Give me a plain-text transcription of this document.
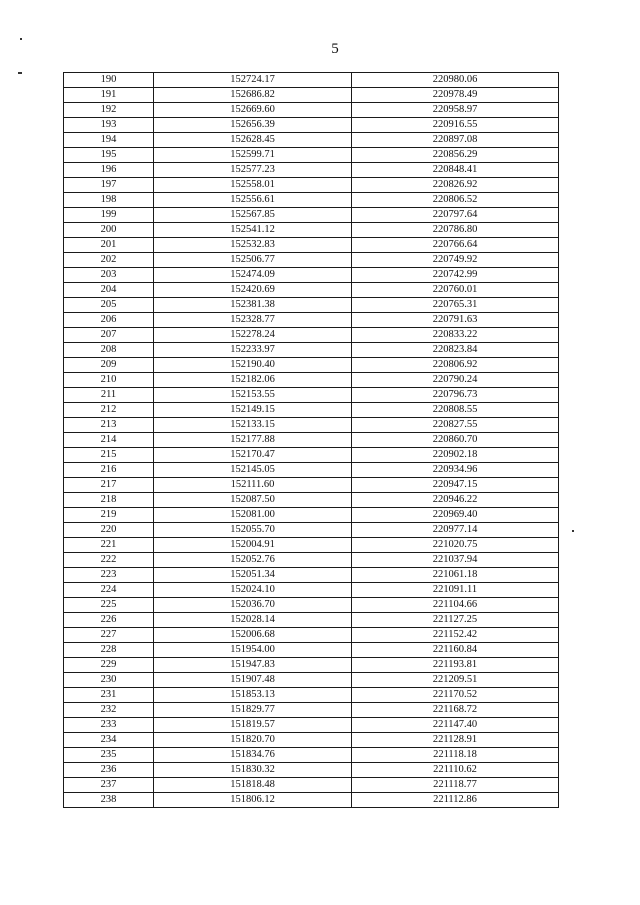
5
190	152724.17	220980.06
191	152686.82	220978.49
192	152669.60	220958.97
193	152656.39	220916.55
194	152628.45	220897.08
195	152599.71	220856.29
196	152577.23	220848.41
197	152558.01	220826.92
198	152556.61	220806.52
199	152567.85	220797.64
200	152541.12	220786.80
201	152532.83	220766.64
202	152506.77	220749.92
203	152474.09	220742.99
204	152420.69	220760.01
205	152381.38	220765.31
206	152328.77	220791.63
207	152278.24	220833.22
208	152233.97	220823.84
209	152190.40	220806.92
210	152182.06	220790.24
211	152153.55	220796.73
212	152149.15	220808.55
213	152133.15	220827.55
214	152177.88	220860.70
215	152170.47	220902.18
216	152145.05	220934.96
217	152111.60	220947.15
218	152087.50	220946.22
219	152081.00	220969.40
220	152055.70	220977.14
221	152004.91	221020.75
222	152052.76	221037.94
223	152051.34	221061.18
224	152024.10	221091.11
225	152036.70	221104.66
226	152028.14	221127.25
227	152006.68	221152.42
228	151954.00	221160.84
229	151947.83	221193.81
230	151907.48	221209.51
231	151853.13	221170.52
232	151829.77	221168.72
233	151819.57	221147.40
234	151820.70	221128.91
235	151834.76	221118.18
236	151830.32	221110.62
237	151818.48	221118.77
238	151806.12	221112.86
